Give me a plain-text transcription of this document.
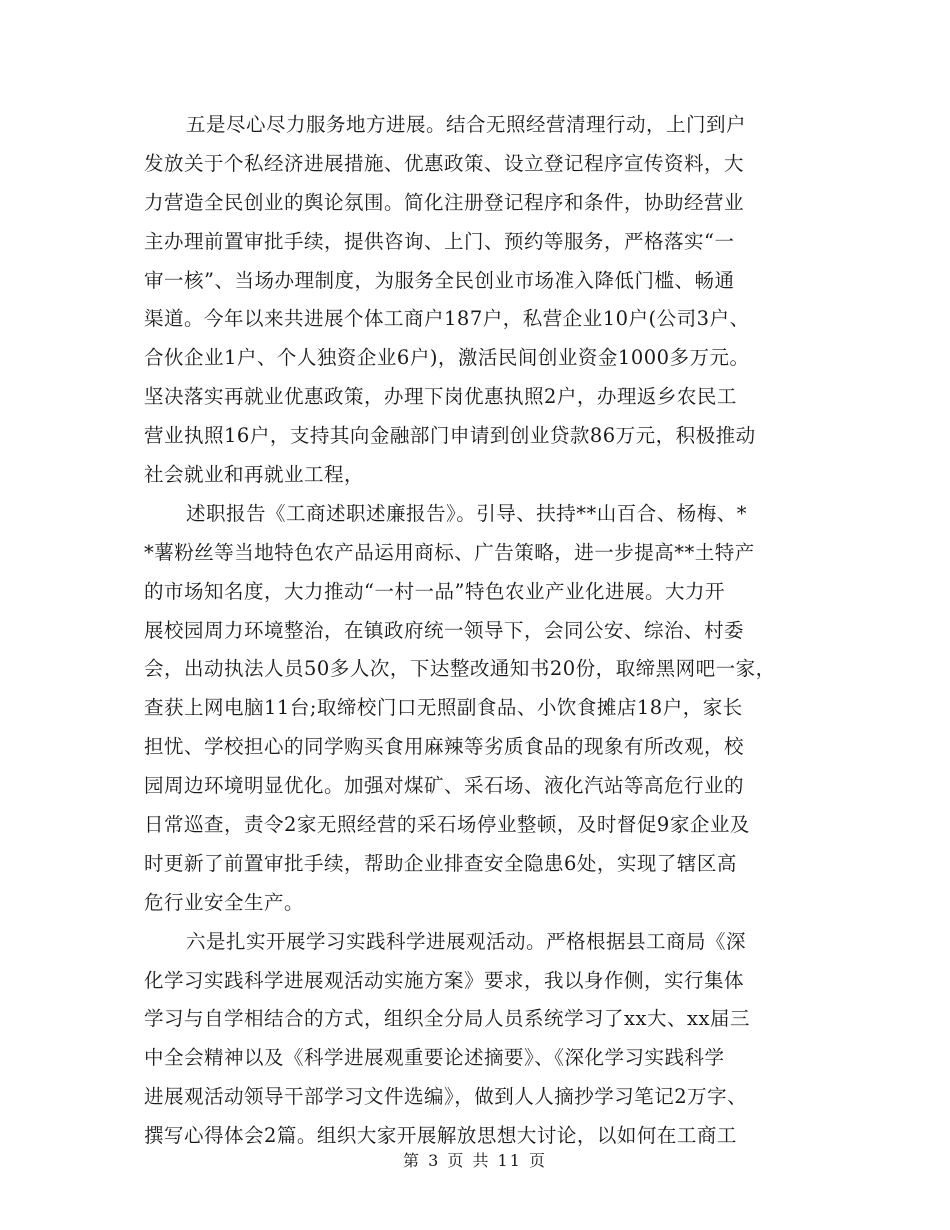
五是尽心尽力服务地方进展。结合无照经营清理行动，上门到户
发放关于个私经济进展措施、优惠政策、设立登记程序宣传资料，大
力营造全民创业的舆论氛围。简化注册登记程序和条件，协助经营业
主办理前置审批手续，提供咨询、上门、预约等服务，严格落实“一
审一核”、当场办理制度，为服务全民创业市场准入降低门槛、畅通
渠道。今年以来共进展个体工商户187户，私营企业10户(公司3户、
合伙企业1户、个人独资企业6户)，激活民间创业资金1000多万元。
坚决落实再就业优惠政策，办理下岗优惠执照2户，办理返乡农民工
营业执照16户，支持其向金融部门申请到创业贷款86万元，积极推动
社会就业和再就业工程，
述职报告《工商述职述廉报告》。引导、扶持**山百合、杨梅、*
*薯粉丝等当地特色农产品运用商标、广告策略，进一步提高**土特产
的市场知名度，大力推动“一村一品”特色农业产业化进展。大力开
展校园周力环境整治，在镇政府统一领导下，会同公安、综治、村委
会，出动执法人员50多人次，下达整改通知书20份，取缔黑网吧一家，
查获上网电脑11台;取缔校门口无照副食品、小饮食摊店18户，家长
担忧、学校担心的同学购买食用麻辣等劣质食品的现象有所改观，校
园周边环境明显优化。加强对煤矿、采石场、液化汽站等高危行业的
日常巡查，责令2家无照经营的采石场停业整顿，及时督促9家企业及
时更新了前置审批手续，帮助企业排查安全隐患6处，实现了辖区高
危行业安全生产。
六是扎实开展学习实践科学进展观活动。严格根据县工商局《深
化学习实践科学进展观活动实施方案》要求，我以身作侧，实行集体
学习与自学相结合的方式，组织全分局人员系统学习了xx大、xx届三
中全会精神以及《科学进展观重要论述摘要》、《深化学习实践科学
进展观活动领导干部学习文件选编》，做到人人摘抄学习笔记2万字、
撰写心得体会2篇。组织大家开展解放思想大讨论，以如何在工商工
第 3 页 共 11 页
